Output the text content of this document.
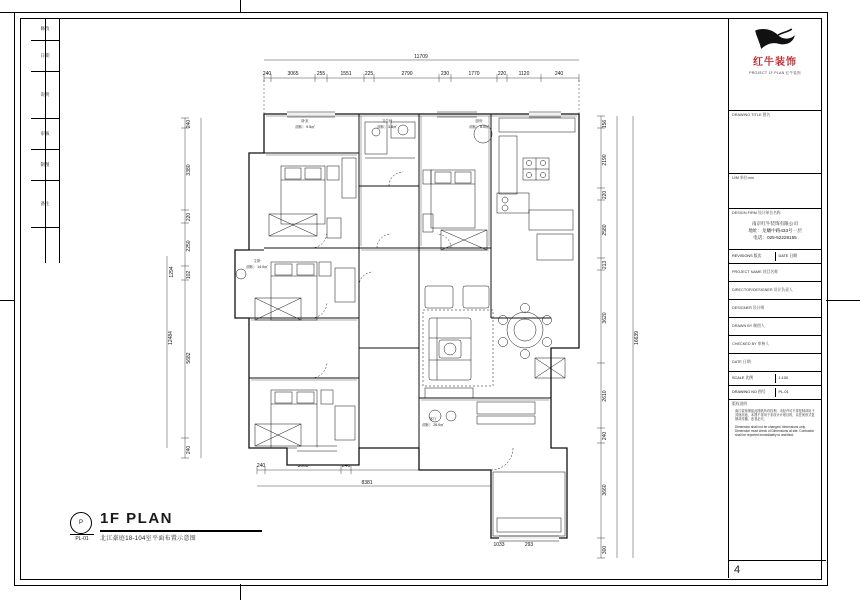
修改
日期
说明
审核
制图
备注
11709
240	3065	255	1551	225	2790	230	1770	220 1120	240
12484
240
3380
220
2250
102
5682
240
1294
16639
156
2190
220
2580
213
3620
2610
240
3660
300
240	3663	240
8381
1033	293
卧室
面积：9.5㎡
卫生间
面积：3.8㎡
厨房
面积：8.0㎡
主卧
面积：14.0㎡
客厅
面积：26.0㎡
P
PL-01
1F PLAN
北江豪庭18-104室平面布置示意图
红牛装饰
PROJECT 1F PLAN 红牛装饰
DRAWING TITLE 图名
U/M 单位mm
DESIGN FIRM 设计单位名称
南京红牛装饰有限公司
地址：龙蟠中路433号一层
电话：025-52228155
REVISIONS 版次	DATE 日期
PROJECT NAME 项目名称
DIRECTOR/DESIGNER 设计负责人
DESIGNER 设计师
DRAWN BY 制图人
CHECKED BY 审核人
DATE 日期
SCALE 比例	1:100
DRAWING NO 图号	PL-01
版权说明
南江装饰保留此图纸所有权利，未经许可不得复制或用于其他用途，本图不得用于非设计计划目的，以任何形式复制或传播，违者必究。
Dimension shall not be changed, dimensions only. Dimension must check of Dimensions at site. Contractor shall be reported immediately to architect.
4
